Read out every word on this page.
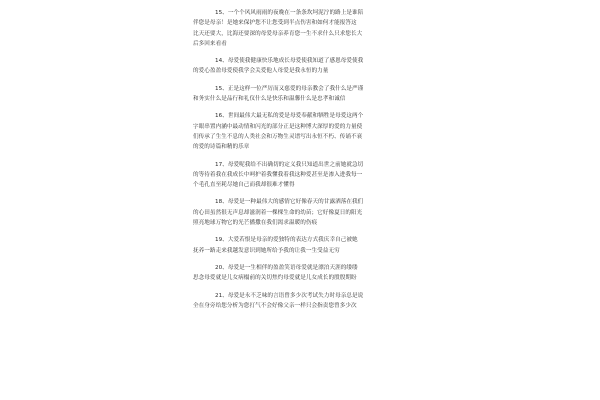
15、一个个风风雨雨的夜晚在一条条坎坷泥泞的路上是谁陪
伴您是母亲！是她来保护您不让您受到半点伤害和如何才能报答这
比天还要大，比海还要深的母爱母亲养育您一生不求什么只求您长大
后多回来看看
14、母爱使我健康快乐地成长母爱使我知道了感恩母爱使我
的爱心盈盈母爱使我学会关爱他人母爱是我永恒的力量
15、正是这样一位严厉而又慈爱的母亲教会了我什么是严谨
和务实什么是品行和礼仪什么是快乐和温馨什么是忠孝和诚信
16、世间最伟大最无私的爱是母爱奉献和牺牲是母爱这两个
字眼串置内涵中最动情和闪光的部分正是这种博大深厚的爱的力量使
们传承了生生不息的人类社会和万物生灵谱写出永恒不朽、传诵不衰
的爱的诗篇和精的乐章
17、母爱呢我给不出确切的定义我只知道出世之前她就急切
的等待着我在我成长中呵护着我懂我着我这种爱甚至是渗入进我每一
个毛孔直至耗尽她自己而我却很难才懂得
18、母爱是一种最伟大的感情它好像春天的甘露洒落在我们
的心田虽然很无声息却滋润着一棵棵生命的幼苗；它好像夏日的阳光
照亮地球万物它的光芒播撒在我们渴求温暖的伤痕
19、大爱若恨是母亲的爱独特的表达方式我庆幸自己被她
抚养一路走来我越发意识到她所给予我的让我一生受益无穷
20、母爱是一生相伴的盈盈笑语母爱就是漂泊天涯的缕缕
思念母爱就是儿女病榻前的关切焦灼母爱就是儿女成长的殷殷期盼
21、母爱是永不乏味的言语曾多少次考试失力时母亲总是说
全在身旁给您分析为您打气不会好像父亲一样只会指责您曾多少次
